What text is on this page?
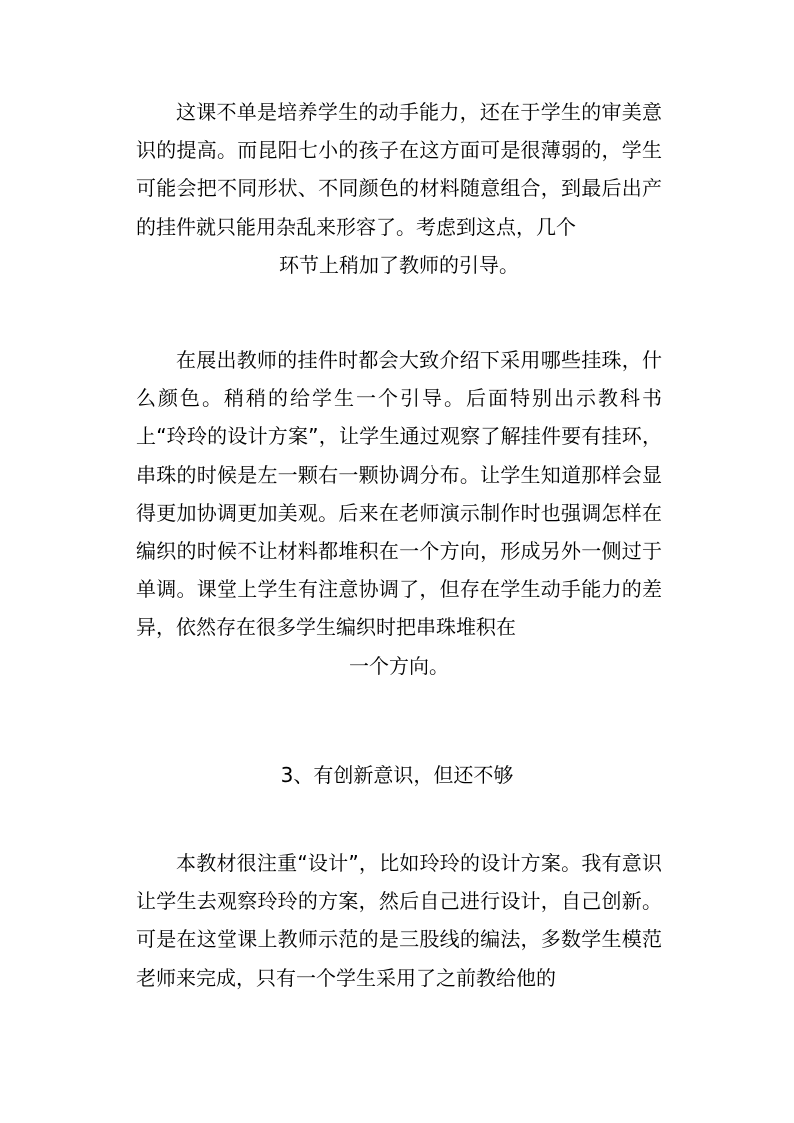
这课不单是培养学生的动手能力，还在于学生的审美意识的提高。而昆阳七小的孩子在这方面可是很薄弱的，学生可能会把不同形状、不同颜色的材料随意组合，到最后出产的挂件就只能用杂乱来形容了。考虑到这点，几个
环节上稍加了教师的引导。

在展出教师的挂件时都会大致介绍下采用哪些挂珠，什么颜色。稍稍的给学生一个引导。后面特别出示教科书上“玲玲的设计方案”，让学生通过观察了解挂件要有挂环，串珠的时候是左一颗右一颗协调分布。让学生知道那样会显得更加协调更加美观。后来在老师演示制作时也强调怎样在编织的时候不让材料都堆积在一个方向，形成另外一侧过于单调。课堂上学生有注意协调了，但存在学生动手能力的差异，依然存在很多学生编织时把串珠堆积在
一个方向。

3、有创新意识，但还不够

本教材很注重“设计”，比如玲玲的设计方案。我有意识让学生去观察玲玲的方案，然后自己进行设计，自己创新。可是在这堂课上教师示范的是三股线的编法，多数学生模范老师来完成，只有一个学生采用了之前教给他的
